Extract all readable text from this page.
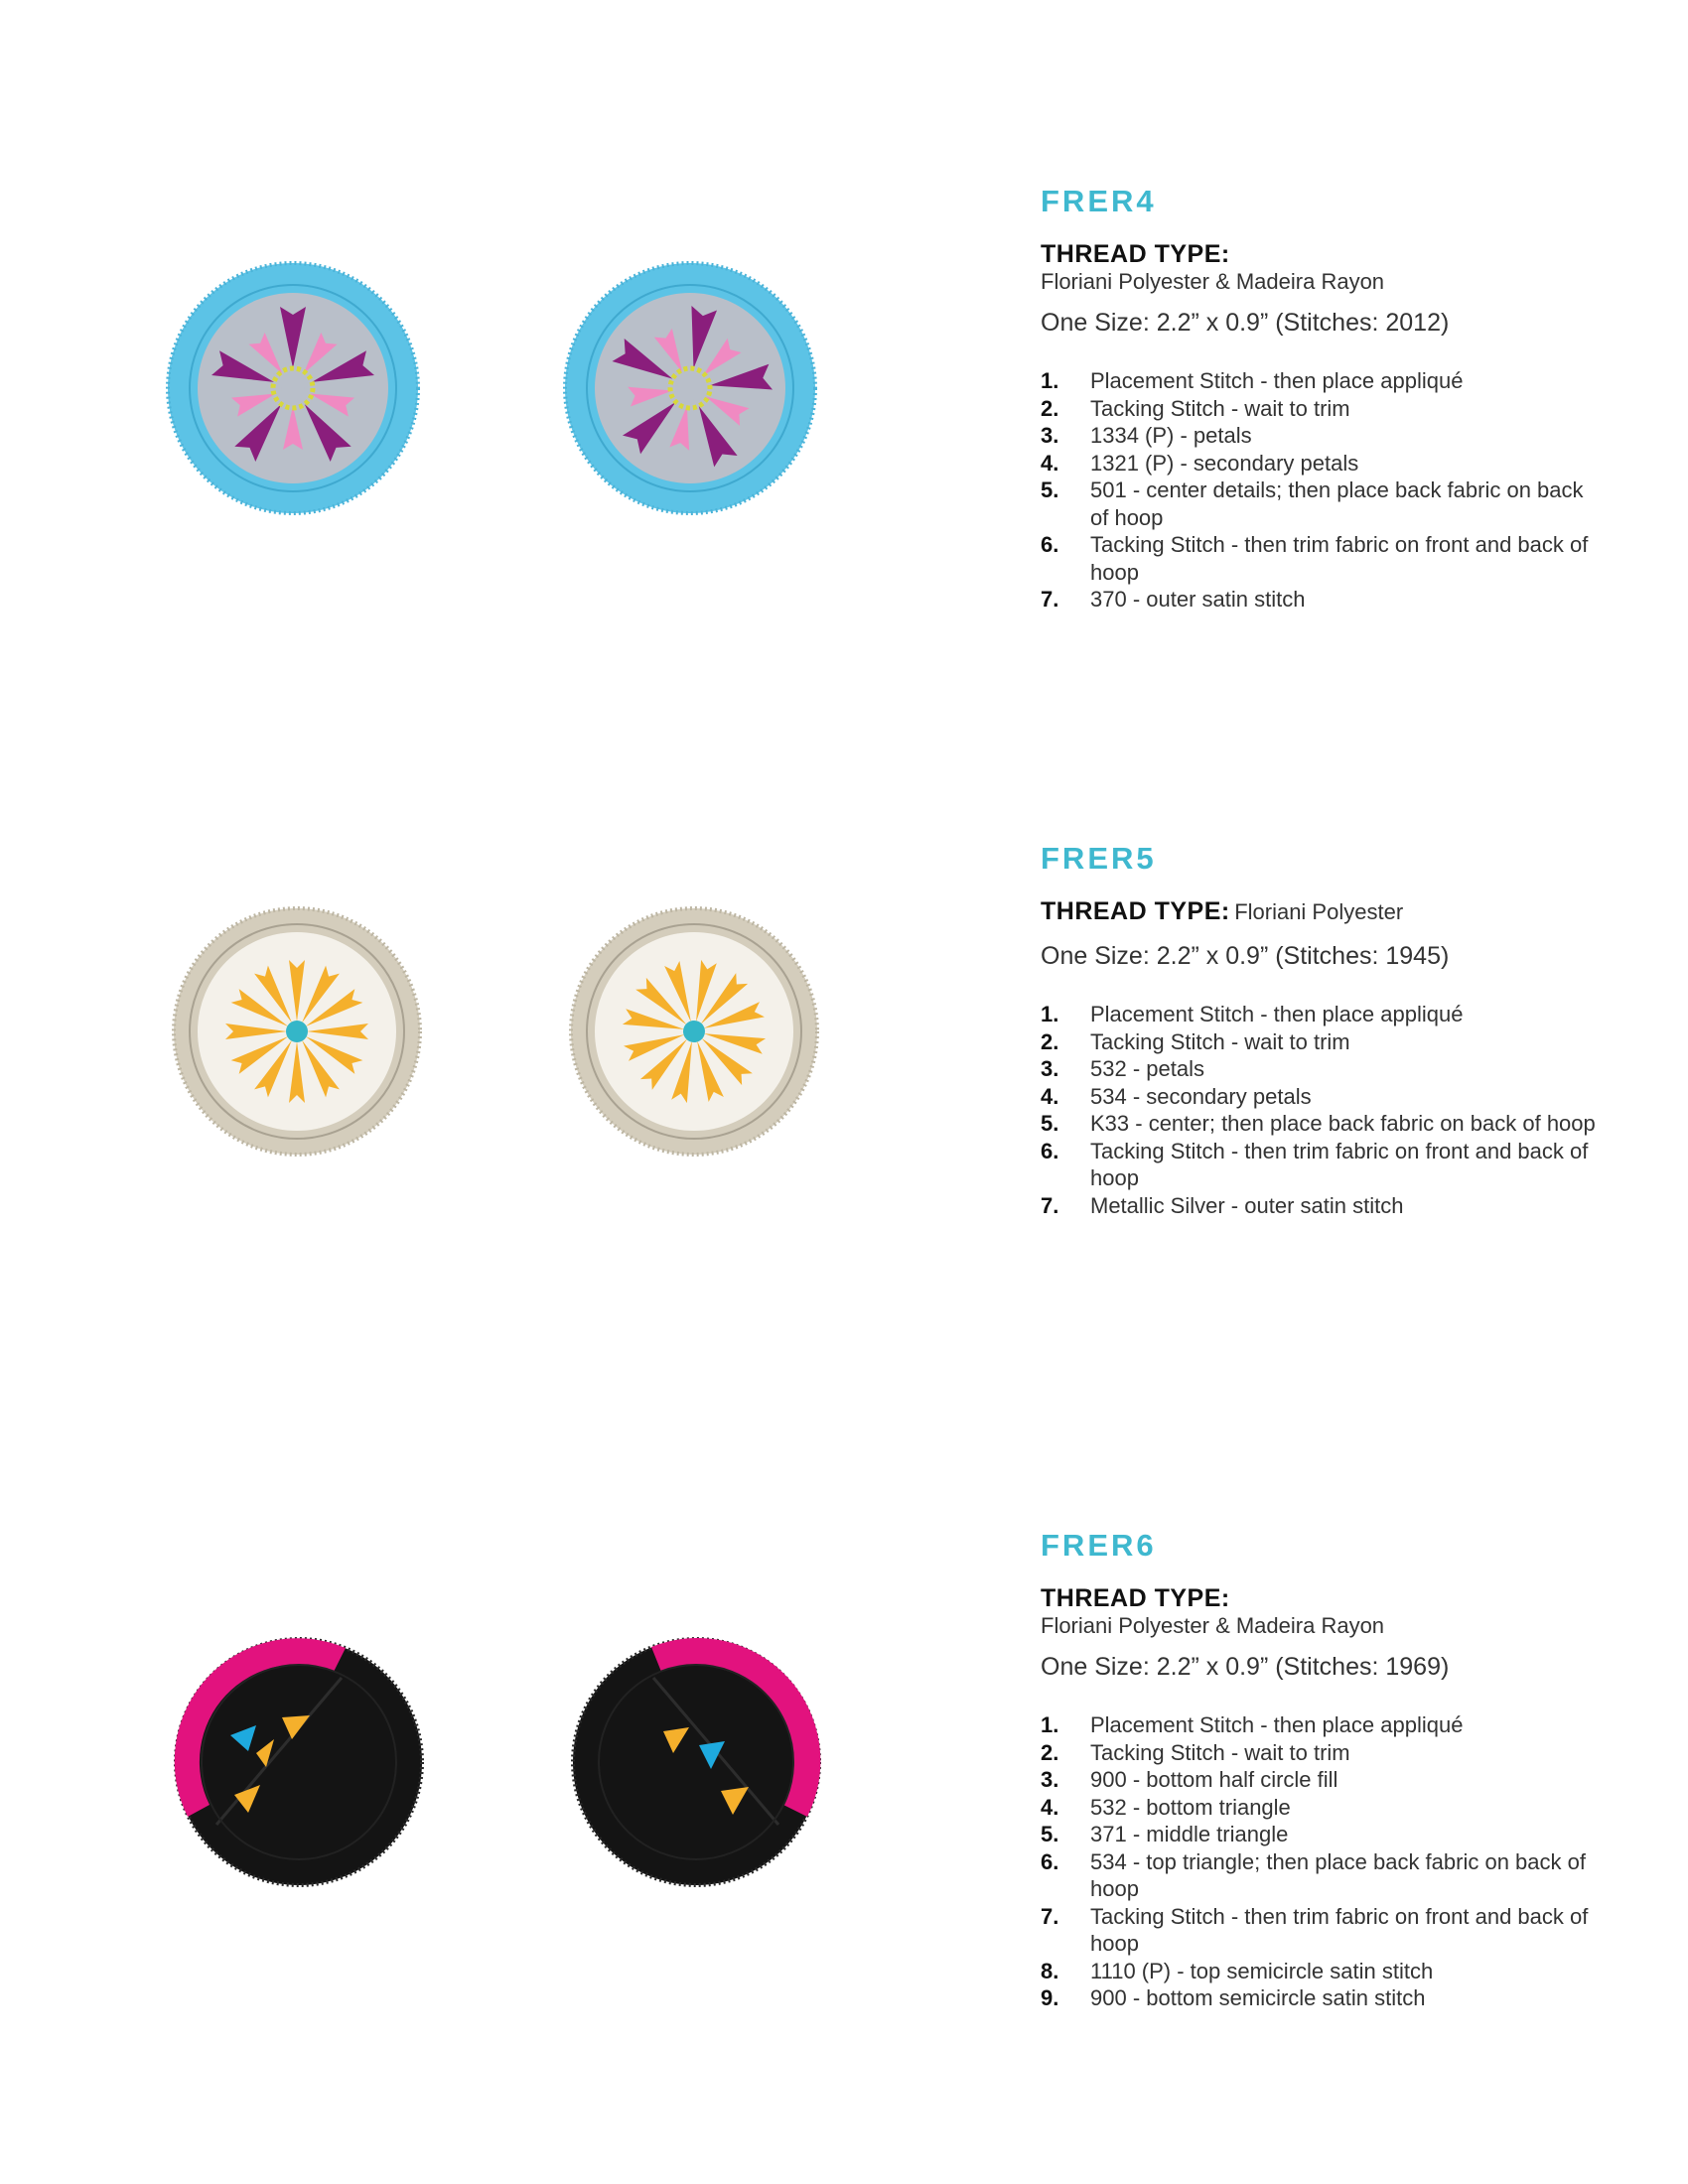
FRER4
THREAD TYPE:
Floriani Polyester & Madeira Rayon
One Size: 2.2” x 0.9” (Stitches: 2012)
1.	Placement Stitch - then place appliqué
2.	Tacking Stitch - wait to trim
3.	1334 (P) - petals
4.	1321 (P) - secondary petals
5.	501 - center details; then place back fabric on back of hoop
6.	Tacking Stitch - then trim fabric on front and back of hoop
7.	370 - outer satin stitch
FRER5
THREAD TYPE: Floriani Polyester
One Size: 2.2” x 0.9” (Stitches: 1945)
1.	Placement Stitch - then place appliqué
2.	Tacking Stitch - wait to trim
3.	532 - petals
4.	534 - secondary petals
5.	K33 - center; then place back fabric on back of hoop
6.	Tacking Stitch - then trim fabric on front and back of hoop
7.	Metallic Silver - outer satin stitch
FRER6
THREAD TYPE:
Floriani Polyester & Madeira Rayon
One Size: 2.2” x 0.9” (Stitches: 1969)
1.	Placement Stitch - then place appliqué
2.	Tacking Stitch - wait to trim
3.	900 - bottom half circle fill
4.	532 - bottom triangle
5.	371 - middle triangle
6.	534 - top triangle; then place back fabric on back of hoop
7.	Tacking Stitch - then trim fabric on front and back of hoop
8.	1110 (P) - top semicircle satin stitch
9.	900 - bottom semicircle satin stitch
